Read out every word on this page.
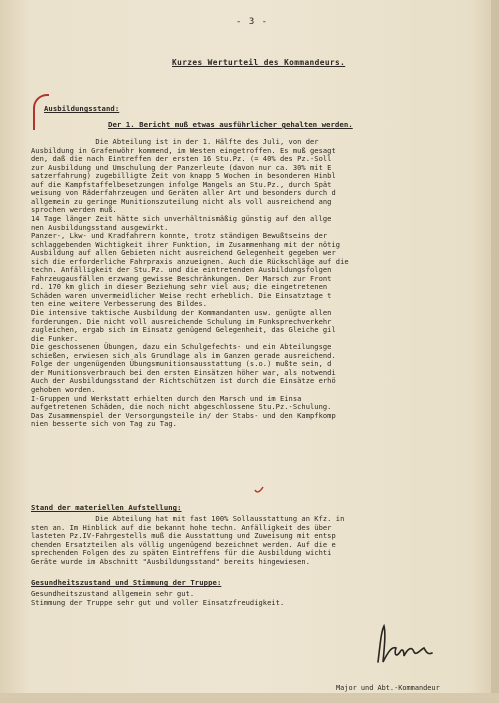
- 3 -
Kurzes Werturteil des Kommandeurs.
Ausbildungsstand:
Der 1. Bericht muß etwas ausführlicher gehalten werden.
Die Abteilung ist in der 1. Hälfte des Juli, von der
Ausbildung in Grafenwöhr kommend, im Westen eingetroffen. Es muß gesagt
den, daß die nach Eintreffen der ersten 16 Stu.Pz. (= 40% des Pz.-Soll
zur Ausbildung und Umschulung der Panzerleute (davon nur ca. 30% mit E
satzerfahrung) zugebilligte Zeit von knapp 5 Wochen in besonderen Hinbl
auf die Kampfstaffelbesetzungen infolge Mangels an Stu.Pz., durch Spät
weisung von Räderfahrzeugen und Geräten aller Art und besonders durch d
allgemein zu geringe Munitionszuteilung nicht als voll ausreichend ang
sprochen werden muß.
14 Tage länger Zeit hätte sich unverhältnismäßig günstig auf den allge
nen Ausbildungsstand ausgewirkt.
Panzer-, Lkw- und Kradfahrern konnte, trotz ständigen Bewußtseins der
schlaggebenden Wichtigkeit ihrer Funktion, im Zusammenhang mit der nötig
Ausbildung auf allen Gebieten nicht ausreichend Gelegenheit gegeben wer
sich die erforderliche Fahrpraxis anzueignen. Auch die Rückschläge auf die
techn. Anfälligkeit der Stu.Pz. und die eintretenden Ausbildungsfolgen
Fahrzeugausfällen erzwang gewisse Beschränkungen. Der Marsch zur Front
rd. 170 km glich in dieser Beziehung sehr viel aus; die eingetretenen
Schäden waren unvermeidlicher Weise recht erheblich. Die Einsatztage t
ten eine weitere Verbesserung des Bildes.
Die intensive taktische Ausbildung der Kommandanten usw. genügte allen
forderungen. Die nicht voll ausreichende Schulung im Funksprechverkehr
zugleichen, ergab sich im Einsatz genügend Gelegenheit, das Gleiche gil
die Funker.
Die geschossenen Übungen, dazu ein Schulgefechts- und ein Abteilungsge
schießen, erwiesen sich als Grundlage als im Ganzen gerade ausreichend.
Folge der ungenügenden Übungsmunitionsausstattung (s.o.) mußte sein, d
der Munitionsverbrauch bei den ersten Einsätzen höher war, als notwendi
Auch der Ausbildungsstand der Richtschützen ist durch die Einsätze erhö
gehoben worden.
I-Gruppen und Werkstatt erhielten durch den Marsch und im Einsa
aufgetretenen Schäden, die noch nicht abgeschlossene Stu.Pz.-Schulung.
Das Zusammenspiel der Versorgungsteile in/ der Stabs- und den Kampfkomp
nien besserte sich von Tag zu Tag.
Stand der materiellen Aufstellung:
Die Abteilung hat mit fast 100% Sollausstattung an Kfz. in
sten an. Im Hinblick auf die bekannt hohe techn. Anfälligkeit des über
lasteten Pz.IV-Fahrgestells muß die Ausstattung und Zuweisung mit entsp
chenden Ersatzteilen als völlig ungenügend bezeichnet werden. Auf die e
sprechenden Folgen des zu späten Eintreffens für die Ausbildung wichti
Geräte wurde im Abschnitt "Ausbildungsstand" bereits hingewiesen.
Gesundheitszustand und Stimmung der Truppe:
Gesundheitszustand allgemein sehr gut.
Stimmung der Truppe sehr gut und voller Einsatzfreudigkeit.
Major und Abt.-Kommandeur
